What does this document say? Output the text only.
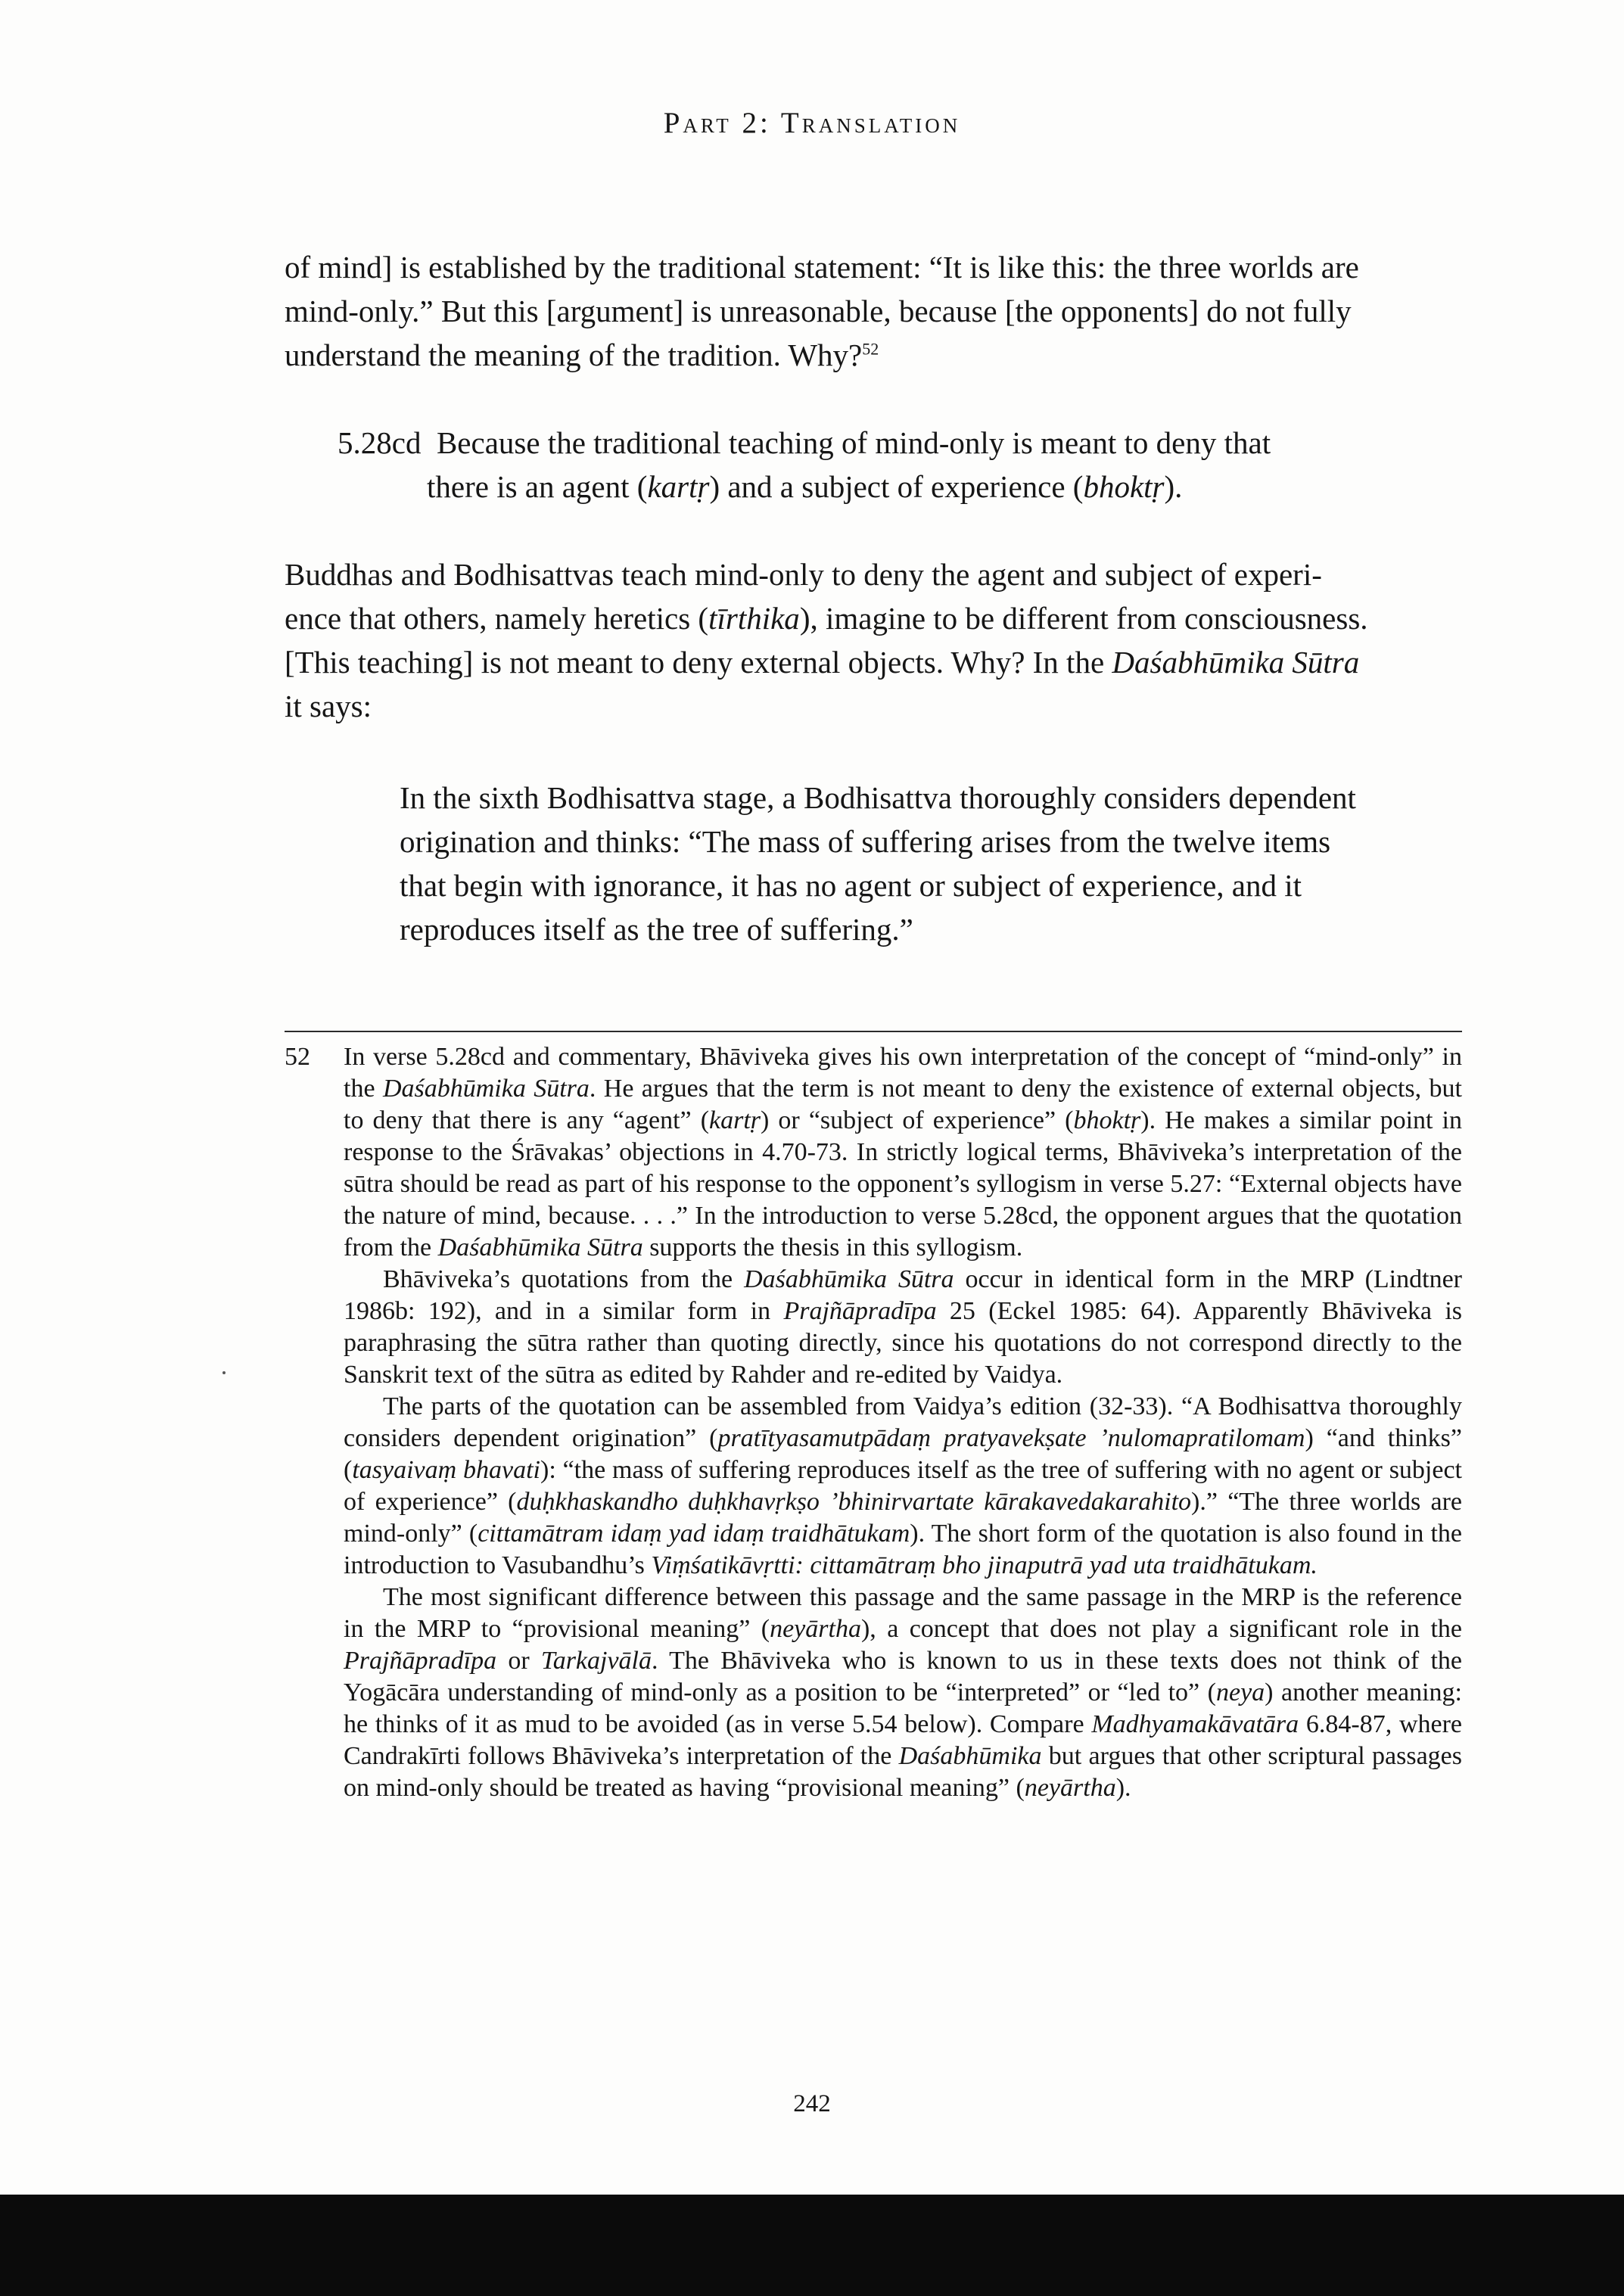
Part 2: Translation

of mind] is established by the traditional statement: “It is like this: the three worlds are
mind-only.” But this [argument] is unreasonable, because [the opponents] do not fully
understand the meaning of the tradition. Why?$^{52}$

5.28cd Because the traditional teaching of mind-only is meant to deny that
there is an agent (kartṛ) and a subject of experience (bhoktṛ).

Buddhas and Bodhisattvas teach mind-only to deny the agent and subject of experi-
ence that others, namely heretics (tīrthika), imagine to be different from consciousness.
[This teaching] is not meant to deny external objects. Why? In the Daśabhūmika Sūtra
it says:

In the sixth Bodhisattva stage, a Bodhisattva thoroughly considers dependent
origination and thinks: “The mass of suffering arises from the twelve items
that begin with ignorance, it has no agent or subject of experience, and it
reproduces itself as the tree of suffering.”

52 In verse 5.28cd and commentary, Bhāviveka gives his own interpretation of the concept of “mind-only” in the Daśabhūmika Sūtra. He argues that the term is not meant to deny the existence of external objects, but to deny that there is any “agent” (kartṛ) or “subject of experience” (bhoktṛ). He makes a similar point in response to the Śrāvakas’ objections in 4.70-73. In strictly logical terms, Bhāviveka’s interpretation of the sūtra should be read as part of his response to the opponent’s syllogism in verse 5.27: “External objects have the nature of mind, because. . . .” In the introduction to verse 5.28cd, the opponent argues that the quotation from the Daśabhūmika Sūtra supports the thesis in this syllogism.

Bhāviveka’s quotations from the Daśabhūmika Sūtra occur in identical form in the MRP (Lindtner 1986b: 192), and in a similar form in Prajñāpradīpa 25 (Eckel 1985: 64). Apparently Bhāviveka is paraphrasing the sūtra rather than quoting directly, since his quotations do not correspond directly to the Sanskrit text of the sūtra as edited by Rahder and re-edited by Vaidya.

The parts of the quotation can be assembled from Vaidya’s edition (32-33). “A Bodhisattva thoroughly considers dependent origination” (pratītyasamutpādaṃ pratyavekṣate ’nulomapratilomam) “and thinks” (tasyaivaṃ bhavati): “the mass of suffering reproduces itself as the tree of suffering with no agent or subject of experience” (duḥkhaskandho duḥkhavṛkṣo ’bhinirvartate kārakavedakarahito).” “The three worlds are mind-only” (cittamātram idaṃ yad idaṃ traidhātukam). The short form of the quotation is also found in the introduction to Vasubandhu’s Viṃśatikāvṛtti: cittamātraṃ bho jinaputrā yad uta traidhātukam.

The most significant difference between this passage and the same passage in the MRP is the reference in the MRP to “provisional meaning” (neyārtha), a concept that does not play a significant role in the Prajñāpradīpa or Tarkajvālā. The Bhāviveka who is known to us in these texts does not think of the Yogācāra understanding of mind-only as a position to be “interpreted” or “led to” (neya) another meaning: he thinks of it as mud to be avoided (as in verse 5.54 below). Compare Madhyamakāvatāra 6.84-87, where Candrakīrti follows Bhāviveka’s interpretation of the Daśabhūmika but argues that other scriptural passages on mind-only should be treated as having “provisional meaning” (neyārtha).

242
